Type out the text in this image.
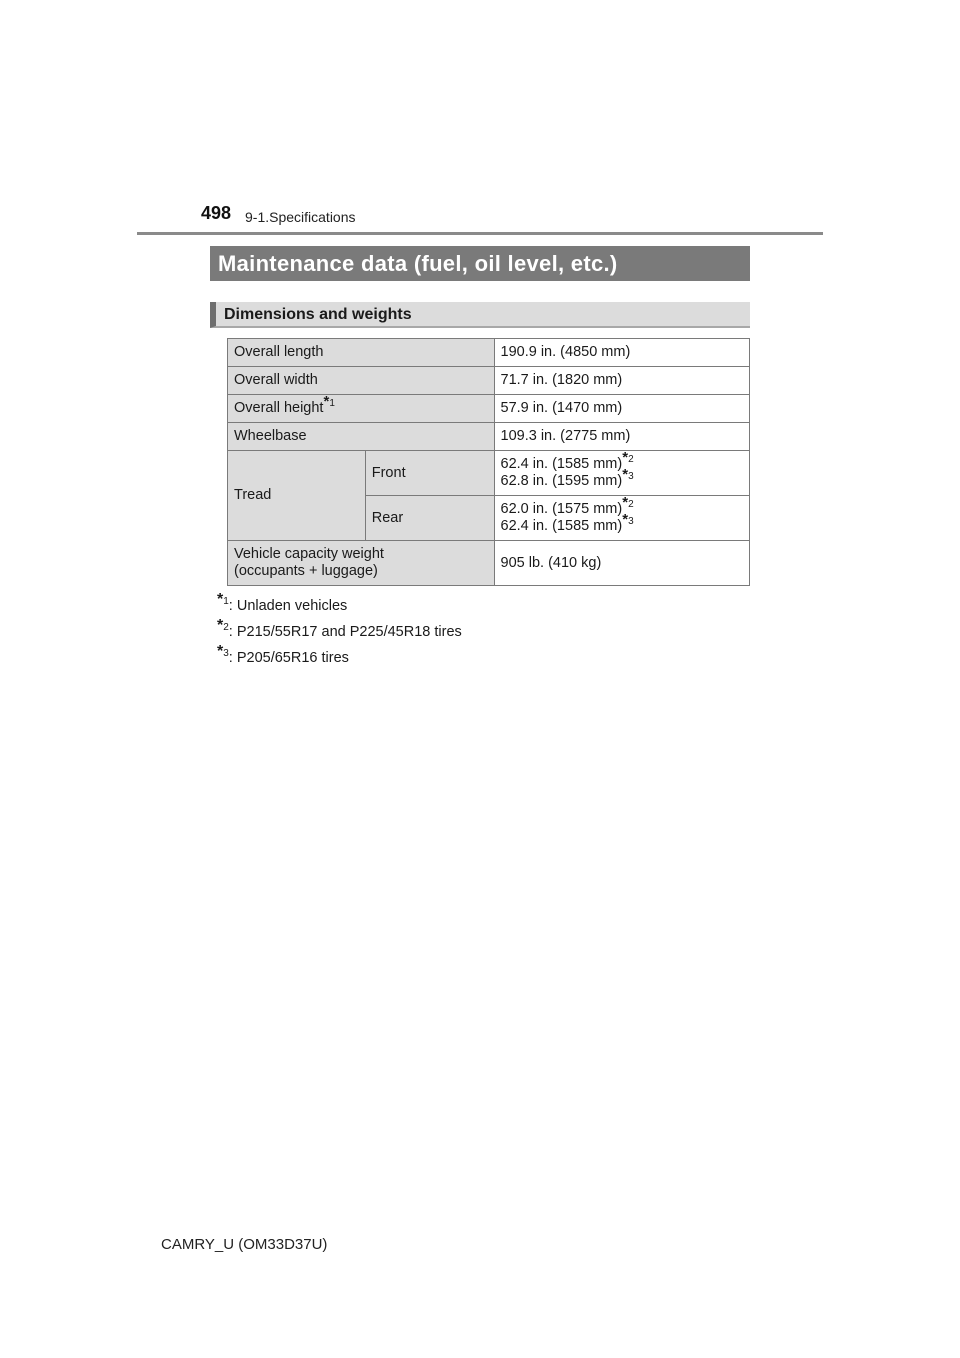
498 9-1.Specifications
Maintenance data (fuel, oil level, etc.)
Dimensions and weights
Overall length		190.9 in. (4850 mm)
Overall width		71.7 in. (1820 mm)
Overall height$^{*1}$		57.9 in. (1470 mm)
Wheelbase		109.3 in. (2775 mm)
Tread	Front	62.4 in. (1585 mm)$^{*2}$
62.8 in. (1595 mm)$^{*3}$

	Rear	62.0 in. (1575 mm)$^{*2}$
62.4 in. (1585 mm)$^{*3}$

Vehicle capacity weight
(occupants + luggage)		905 lb. (410 kg)
$^{*1}$: Unladen vehicles
$^{*2}$: P215/55R17 and P225/45R18 tires
$^{*3}$: P205/65R16 tires
CAMRY_U (OM33D37U)
